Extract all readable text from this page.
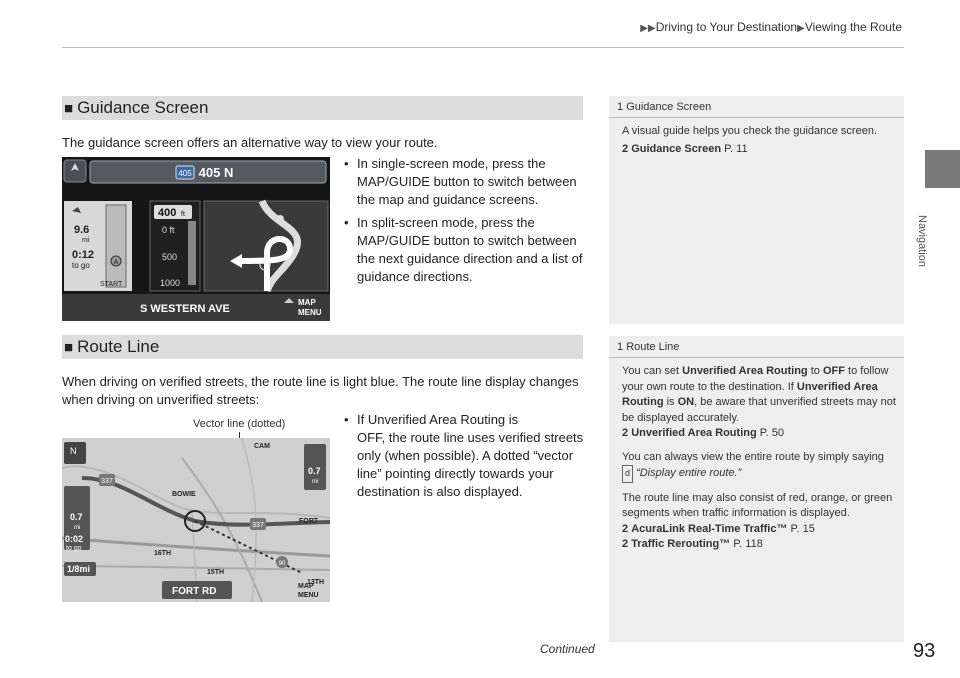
▶▶Driving to Your Destination▶Viewing the Route
Navigation
■ Guidance Screen
The guidance screen offers an alternative way to view your route.
405 405 N
9.6
mi
0:12
to go	A
START
400 ft
0 ft
500
1000
S WESTERN AVE
MAP
MENU
• In single-screen mode, press the MAP/GUIDE button to switch between the map and guidance screens.
• In split-screen mode, press the MAP/GUIDE button to switch between the next guidance direction and a list of guidance directions.
1 Guidance Screen

A visual guide helps you check the guidance screen.

2 Guidance Screen P. 11

■ Route Line
When driving on verified streets, the route line is light blue. The route line display changes when driving on unverified streets:
Vector line (dotted)
N
337
337
90
BOWIE
FORT
16TH
15TH
13TH
CAM
0.7
mi
0:02
to go
1/8mi
0.7
mi
FORT RD	MAP
MENU
• If Unverified Area Routing is
OFF, the route line uses verified streets only (when possible). A dotted “vector line” pointing directly towards your destination is also displayed.
1 Route Line

You can set Unverified Area Routing to OFF to follow your own route to the destination. If Unverified Area Routing is ON, be aware that unverified streets may not be displayed accurately.
2 Unverified Area Routing P. 50

You can always view the entire route by simply saying d “Display entire route.”

The route line may also consist of red, orange, or green segments when traffic information is displayed.
2 AcuraLink Real-Time Traffic™ P. 15
2 Traffic Rerouting™ P. 118

Continued	93
